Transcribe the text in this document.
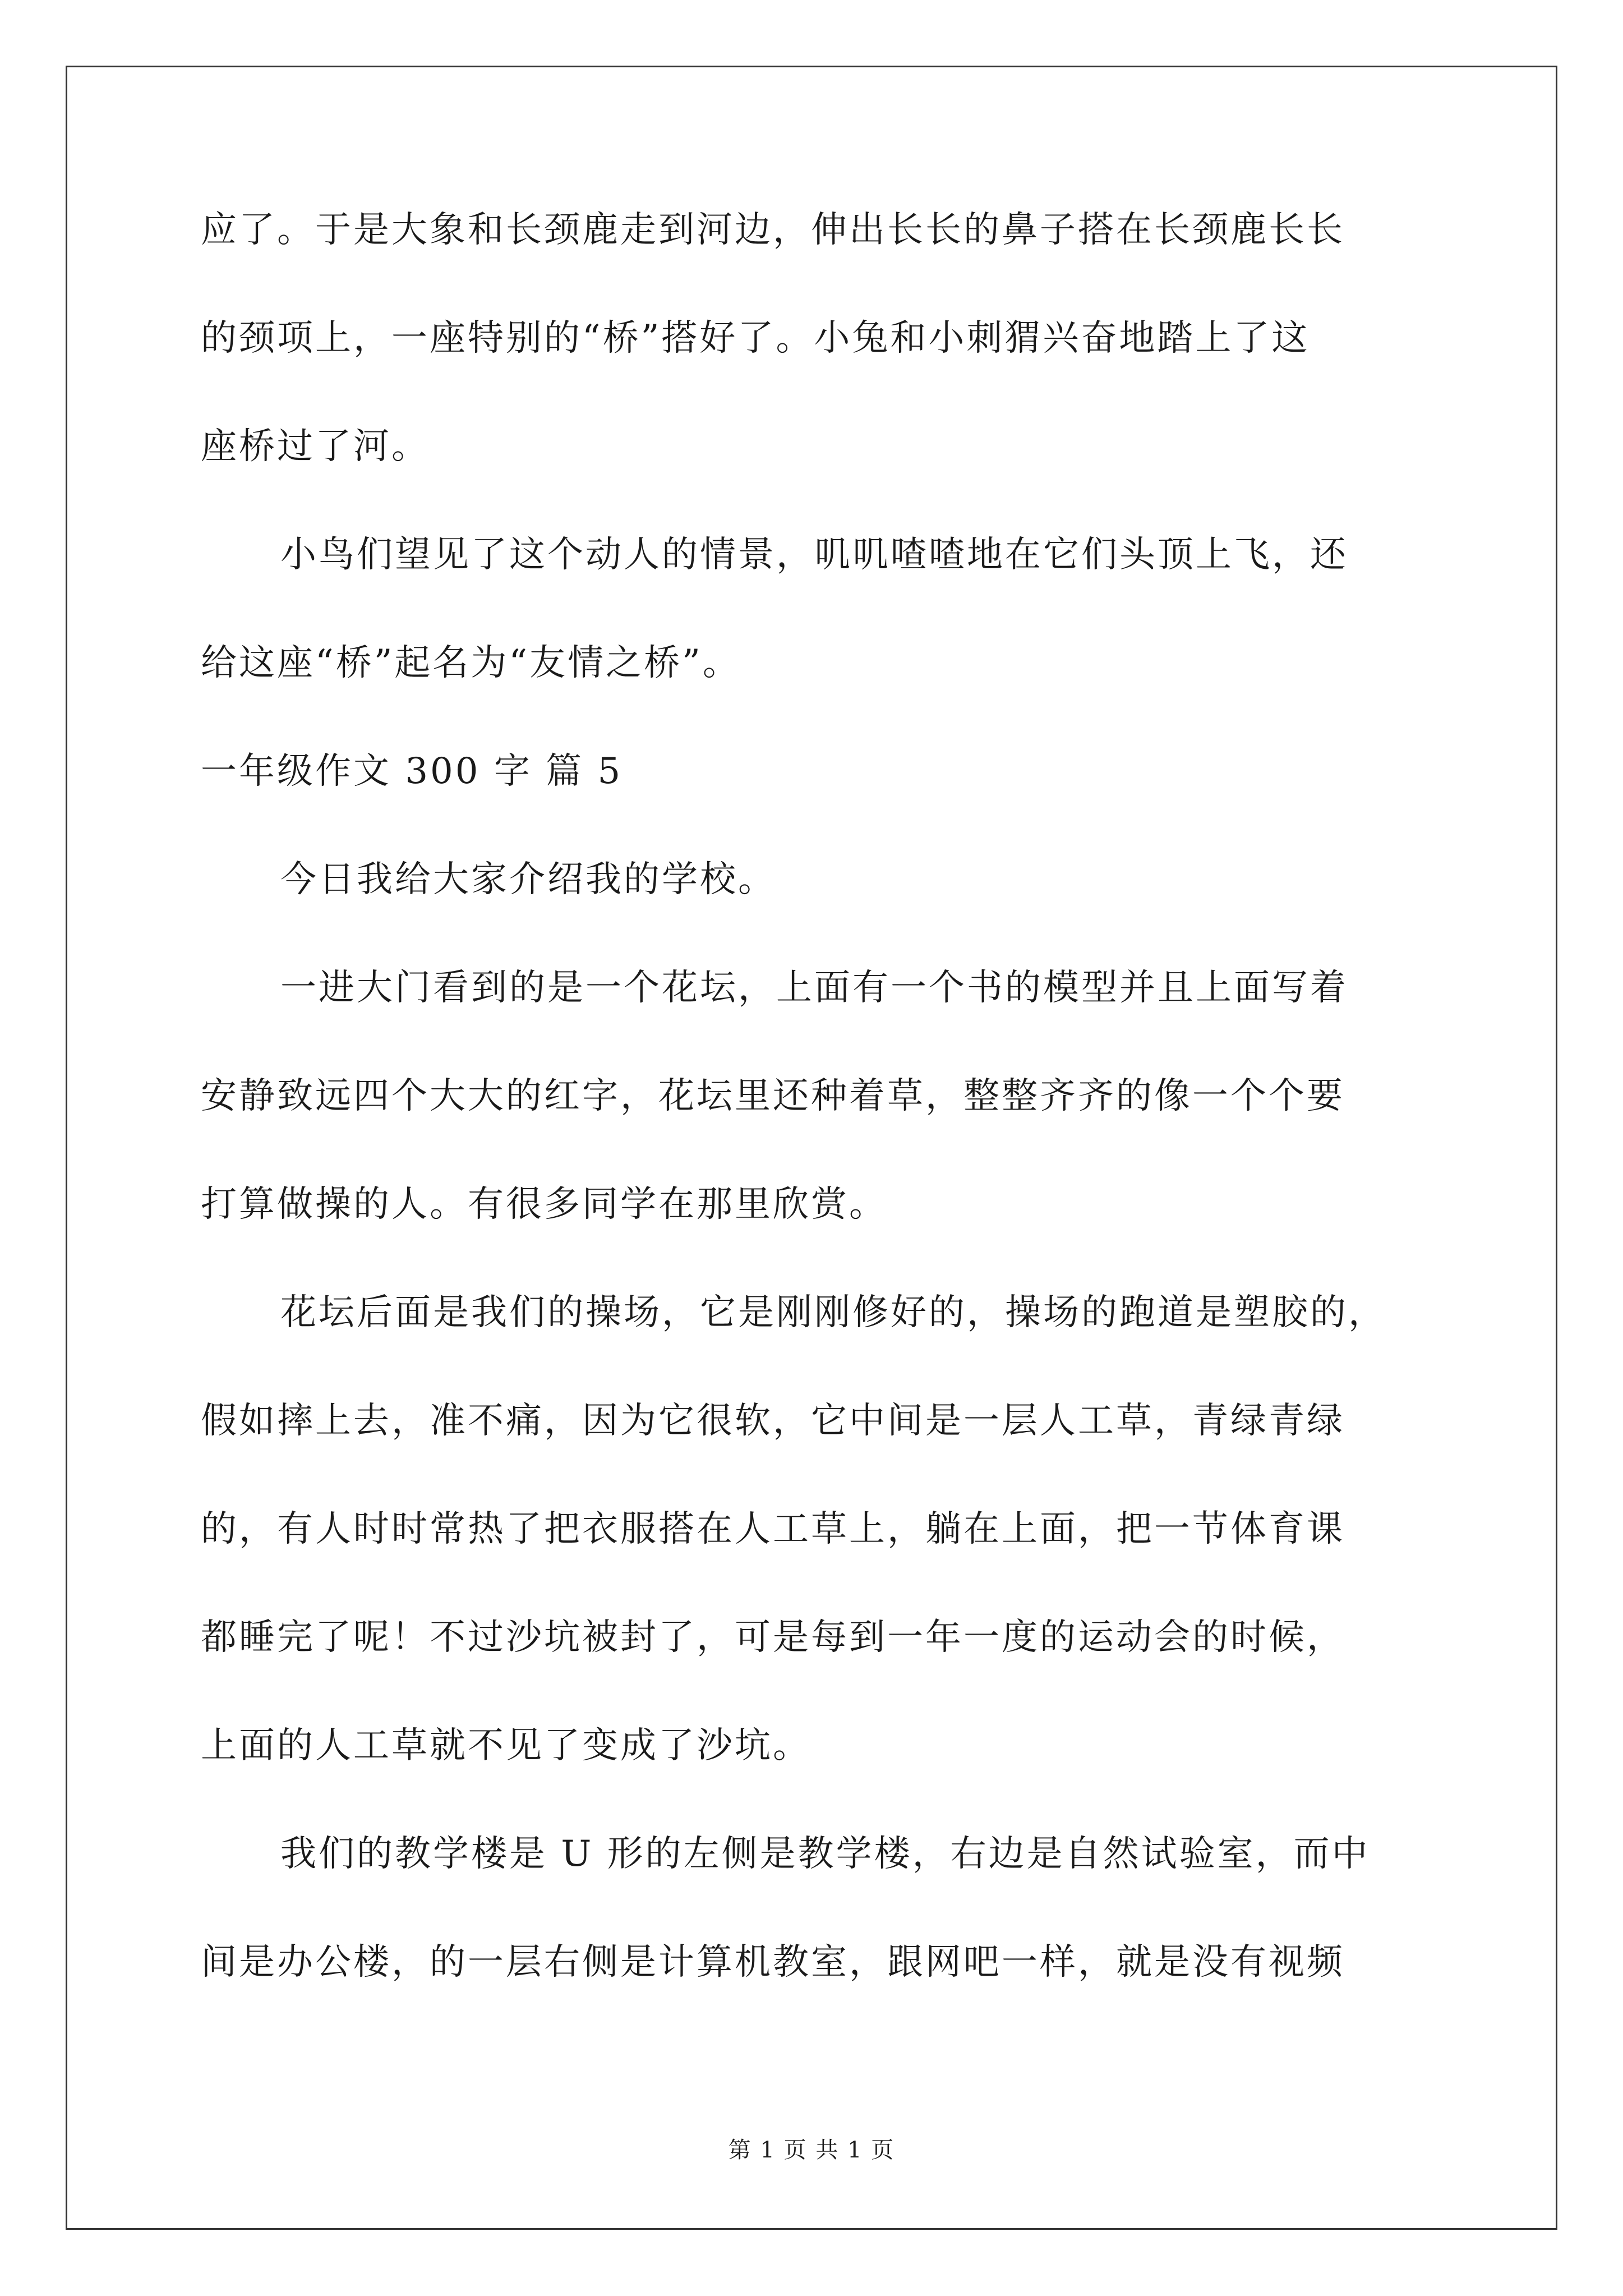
应了。于是大象和长颈鹿走到河边，伸出长长的鼻子搭在长颈鹿长长
的颈项上，一座特别的“桥”搭好了。小兔和小刺猬兴奋地踏上了这
座桥过了河。
小鸟们望见了这个动人的情景，叽叽喳喳地在它们头顶上飞，还
给这座“桥”起名为“友情之桥”。
一年级作文 300 字 篇 5
今日我给大家介绍我的学校。
一进大门看到的是一个花坛，上面有一个书的模型并且上面写着
安静致远四个大大的红字，花坛里还种着草，整整齐齐的像一个个要
打算做操的人。有很多同学在那里欣赏。
花坛后面是我们的操场，它是刚刚修好的，操场的跑道是塑胶的，
假如摔上去，准不痛，因为它很软，它中间是一层人工草，青绿青绿
的，有人时时常热了把衣服搭在人工草上，躺在上面，把一节体育课
都睡完了呢！不过沙坑被封了，可是每到一年一度的运动会的时候，
上面的人工草就不见了变成了沙坑。
我们的教学楼是 U 形的左侧是教学楼，右边是自然试验室，而中
间是办公楼，的一层右侧是计算机教室，跟网吧一样，就是没有视频
第 1 页 共 1 页
